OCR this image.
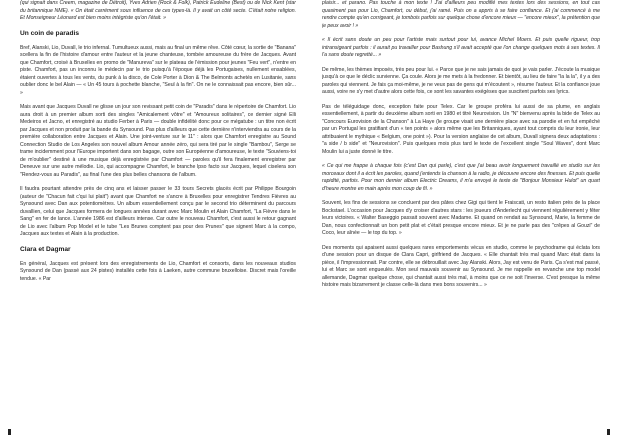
(qui signait dans Creem, magazine de Détroit), Yves Adrien (Rock & Folk), Patrick Eudeline (Best) ou de Nick Kent (star du britannique NME). « On était carrément sous influence de ces types-là. Il y avait un côté secte. C'était notre religion. Et Monseigneur Léonard est bien moins intégriste qu'on l'était. »

Un coin de paradis

Bref, Alanski, Lio, Duvall, le trio infernal. Tumultueux aussi, mais au final un même rêve. Côté cœur, la sortie de "Banana" scellera la fin de l'histoire d'amour entre l'auteur et la jeune chanteuse, tombée amoureuse du frère de Jacques. Avant que Chamfort, croisé à Bruxelles en promo de "Manureva" sur le plateau de l'émission pour jeunes "Feu vert", n'entre en piste. Chamfort, pas un inconnu le médecin par le trio puisqu'à l'époque déjà les Portugaises, nullement ensablées, étaient ouvertes à tous les vents, du punk à la disco, de Cole Porter à Dion & The Belmonts achetés en Lusitanie, sans oublier donc le bel Alain — « Un 45 tours à pochette blanche, "Seul à la fin". On ne le connaissait pas encore, bien sûr... »

Mais avant que Jacques Duvall ne glisse un jour son revissant petit coin de "Paradis" dans le répertoire de Chamfort. Lio aura droit à un premier album sorti des singles "Amicalement vôtre" et "Amoureux solitaires", ce dernier signé Elli Medeiros et Jacno, et enregistré au studio Ferber à Paris — double infidélité donc pour ce mégatube : un titre non écrit par Jacques et non produit par la bande du Synsound. Pas plus d'ailleurs que cette dernière n'interviendra au cours de la première collaboration entre Jacques et Alain. Une joint-venture sur le 11" : alors que Chamfort enregistre au Sound Connection Studio de Los Angeles son nouvel album Amour année zéro, qui sera tiré par le single "Bambou", Serge se trame incidemment pour l'Europe importent dans son bagage, outre son Européenne d'amoureuse, le texte "Souviens-toi de m'oublier" destiné à une musique déjà enregistrée par Chamfort — paroles qu'il fera finalement enregistrer par Deneuve sur une autre mélodie. Lio, qui accompagne Chamfort, le branche lpso facto sur Jacques, lequel ciselera son "Rendez-vous au Paradis", au final l'une des plus belles chansons de l'album.

Il faudra pourtant attendre près de cinq ans et laisser passer le 33 tours Secrets glacés écrit par Philippe Bourgoin (auteur de "Chacun fait c'qui lui plait") avant que Chamfort ne s'ancre à Bruxelles pour enregistrer Tendres Fièvres au Synsound avec Dan aux potentiomètres. Un album essentiellement conçu par le second trio déterminent du parcours duvallien, celui que Jacques formera de longues années durant avec Marc Moulin et Alain Chamfort, "La Fièvre dans le Sang" en fer de lance. L'année 1986 est d'ailleurs intense. Car outre le nouveau Chamfort, c'est aussi le retour gagnant de Lio avec l'album Pop Model et le tube "Les Brunes comptent pas pour des Prunes" que signent Marc à la compo, Jacques aux textes et Alain à la production.

Clara et Dagmar

En général, Jacques est présent lors des enregistrements de Lio, Chamfort et consorts, dans les nouveaux studios Synsound de Dan (passé aux 24 pistes) installés cette fois à Laeken, autre commune bruxelloise. Discret mais l'oreille tendue. « Par

plaisir... et parano. Pas touche à mon texte ! J'ai d'ailleurs peu modifié mes textes lors des sessions, en tout cas quasiment pas pour Lio, Chamfort, ou début, j'ai ramé. Puis on a appris à se faire confiance. Et j'ai commencé à me rendre compte qu'en corrigeant, je tombois parfois sur quelque chose d'encore mieux — "encore mieux", la prétention que je peux avoir ! »

« Il écrit sans doute un peu pour l'artiste mais surtout pour lui, avance Michel Moers. Et puis quelle rigueur, trop intransigeant parfois : il aurait pu travailler pour Bashung s'il avait accepté que l'on change quelques mots à ses textes. Il l'a sans doute regretté... »

De même, les thèmes imposés, très peu pour lui. « Parce que je ne sais jamais de quoi je vais parler. J'écoute la musique jusqu'à ce que le déclic survienne. Ça coule. Alors je me mets à la fredonner. Et bientôt, au lieu de faire "la la la", il y a des paroles qui viennent. Je fais ça moi-même, je ne veux pas de gens qui m'écoutent », résume l'auteur. Et la confiance joue aussi, voire ne s'y met d'autre alors cette fois, ce sont les savantes exégèses que suscitent parfois ses lyrics.

Pas de téléguidage donc, exception faite pour Telex. Car le groupe proféra lui aussi de sa plume, en anglais essentiellement, à partir du deuxième album sorti en 1980 et titré Neurovision. Un "N" bienvenu après la bide de Telex au "Concours Eurovision de la Chanson" à La Haye (le groupe visait une dernière place avec sa parodie et en fut empêché par un Portugal les gratifiant d'un « ten points » alors même que les Britanniques, ayant tout compris du leur ironie, leur attribuaient le mythique « Belgium, one point »). Pour la version anglaise de cet album, Duvall signera deux adaptations : "a side / b side" et "Neurovision". Puis quelques mois plus tard le texte de l'excellent single "Soul Waves", dont Marc Moulin lui a juste donné le titre.

« Ce qui me frappe à chaque fois (c'est Dan qui parle), c'est que j'ai beau avoir longuement travaillé en studio sur les morceaux dont il a écrit les paroles, quand j'entends la chanson à la radio, je découvre encore des finesses. Et puis quelle rapidité, parfois. Pour mon dernier album Electric Dreams, il m'a envoyé le texte de "Bonjour Monsieur Hulot" un quart d'heure montre en main après mon coup de fil. »

Souvent, les fins de sessions se concluent par des pâtes chez Gigi qui tient le Fraiscati, un resto italien près de la place Bockstael. L'occasion pour Jacques d'y croiser d'autres stars : les joueurs d'Anderlecht qui viennent régulièrement y fêter leurs victoires. « Walter Baseggio passait souvent avec Madame. Et quand on rendait au Synsound, Marie, la femme de Dan, nous confectionnait un bon petit plat et c'était presque encore mieux. Et je ne parle pas des "crêpes al Gouzi" de Coco, leur aînée — le top du top. »

Des moments qui apaisent aussi quelques rares emportements vécus en studio, comme le psychodrame qui éclata lors d'une session pour un disque de Clara Capri, girlfriend de Jacques. « Elle chantait très mal quand Marc était dans la pièce, il l'impressionnait. Par contre, elle se débrouillait avec Jay Alanski. Alors, Jay est venu de Paris. Ça s'est mal passé, lui et Marc se sont engueulés. Mon seul mauvais souvenir au Synsound. Je me rappelle en revanche une top model allemande, Dagmar quelque chose, qui chantait aussi très mal, à moins que ce ne soit l'inverse. C'est presque la même histoire mais bizarrement je classe celle-là dans mes bons souvenirs... »
